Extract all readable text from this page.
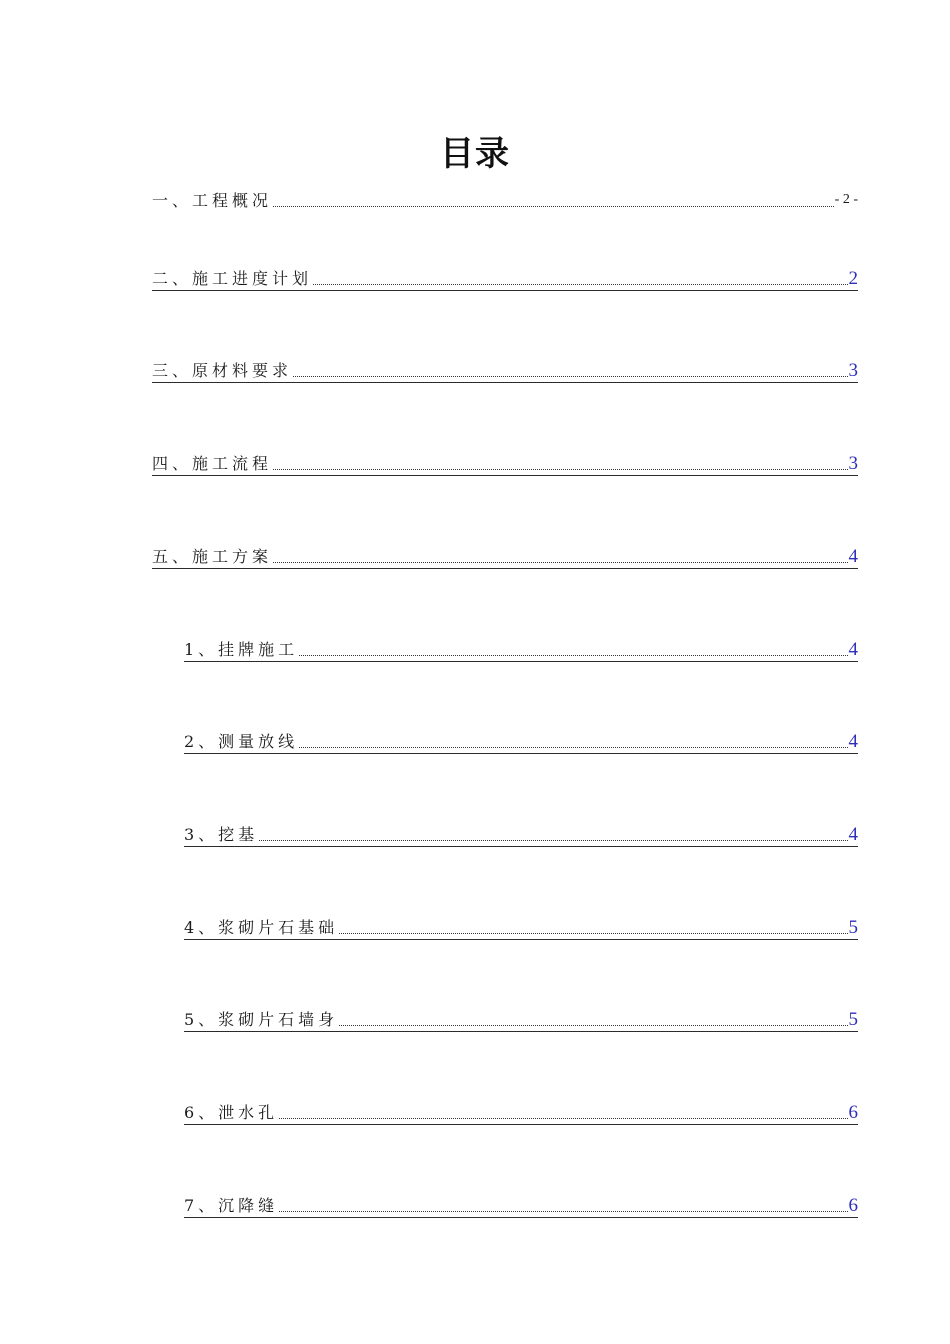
目录
一、工程概况	- 2 -
二、施工进度计划	2
三、原材料要求	3
四、施工流程	3
五、施工方案	4
1、挂牌施工	4
2、测量放线	4
3、挖基	4
4、浆砌片石基础	5
5、浆砌片石墙身	5
6、泄水孔	6
7、沉降缝	6
